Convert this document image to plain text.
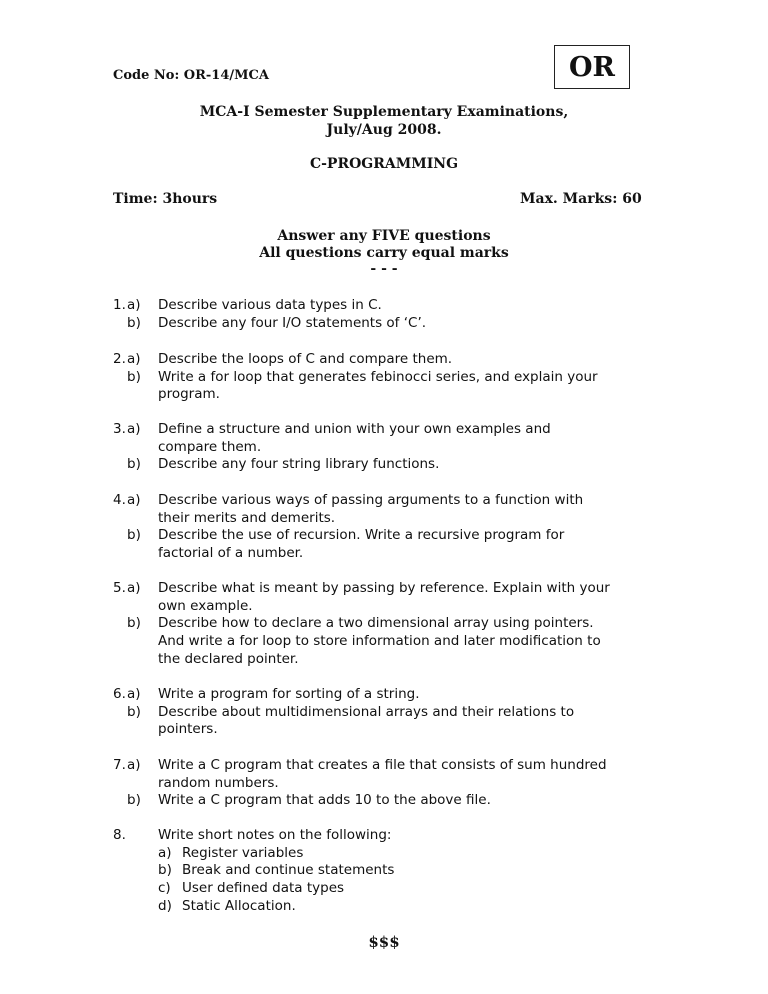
Code No: OR-14/MCA	OR
MCA-I Semester Supplementary Examinations,
July/Aug 2008.
C-PROGRAMMING
Time: 3hours	Max. Marks: 60
Answer any FIVE questions
All questions carry equal marks
- - -
1. a) Describe various data types in C.
b) Describe any four I/O statements of ‘C’.
2. a) Describe the loops of C and compare them.
b) Write a for loop that generates febinocci series, and explain your
program.
3. a) Define a structure and union with your own examples and
compare them.
b) Describe any four string library functions.
4. a) Describe various ways of passing arguments to a function with
their merits and demerits.
b) Describe the use of recursion. Write a recursive program for
factorial of a number.
5. a) Describe what is meant by passing by reference. Explain with your
own example.
b) Describe how to declare a two dimensional array using pointers.
And write a for loop to store information and later modification to
the declared pointer.
6. a) Write a program for sorting of a string.
b) Describe about multidimensional arrays and their relations to
pointers.
7. a) Write a C program that creates a file that consists of sum hundred
random numbers.
b) Write a C program that adds 10 to the above file.
8. Write short notes on the following:
a) Register variables
b) Break and continue statements
c) User defined data types
d) Static Allocation.
$$$
